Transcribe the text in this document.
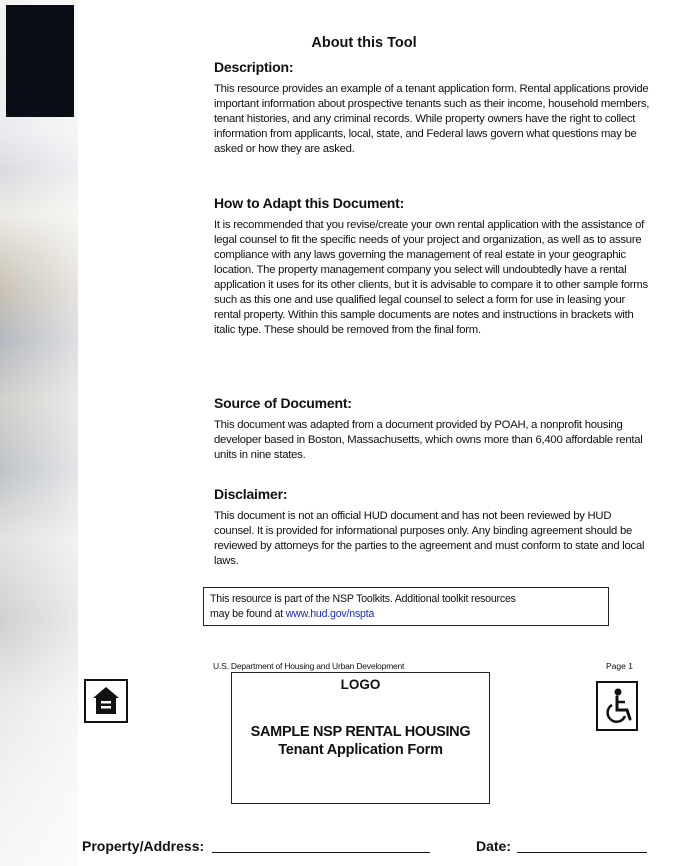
About this Tool
Description:

This resource provides an example of a tenant application form. Rental applications provide important information about prospective tenants such as their income, household members, tenant histories, and any criminal records. While property owners have the right to collect information from applicants, local, state, and Federal laws govern what questions may be asked or how they are asked.

How to Adapt this Document:

It is recommended that you revise/create your own rental application with the assistance of legal counsel to fit the specific needs of your project and organization, as well as to assure compliance with any laws governing the management of real estate in your geographic location. The property management company you select will undoubtedly have a rental application it uses for its other clients, but it is advisable to compare it to other sample forms such as this one and use qualified legal counsel to select a form for use in leasing your rental property. Within this sample documents are notes and instructions in brackets with italic type. These should be removed from the final form.

Source of Document:

This document was adapted from a document provided by POAH, a nonprofit housing developer based in Boston, Massachusetts, which owns more than 6,400 affordable rental units in nine states.

Disclaimer:

This document is not an official HUD document and has not been reviewed by HUD counsel. It is provided for informational purposes only. Any binding agreement should be reviewed by attorneys for the parties to the agreement and must conform to state and local laws.

This resource is part of the NSP Toolkits. Additional toolkit resources
may be found at www.hud.gov/nspta
U.S. Department of Housing and Urban Development	Page 1
LOGO
SAMPLE NSP RENTAL HOUSING
Tenant Application Form
Property/Address:	Date:
